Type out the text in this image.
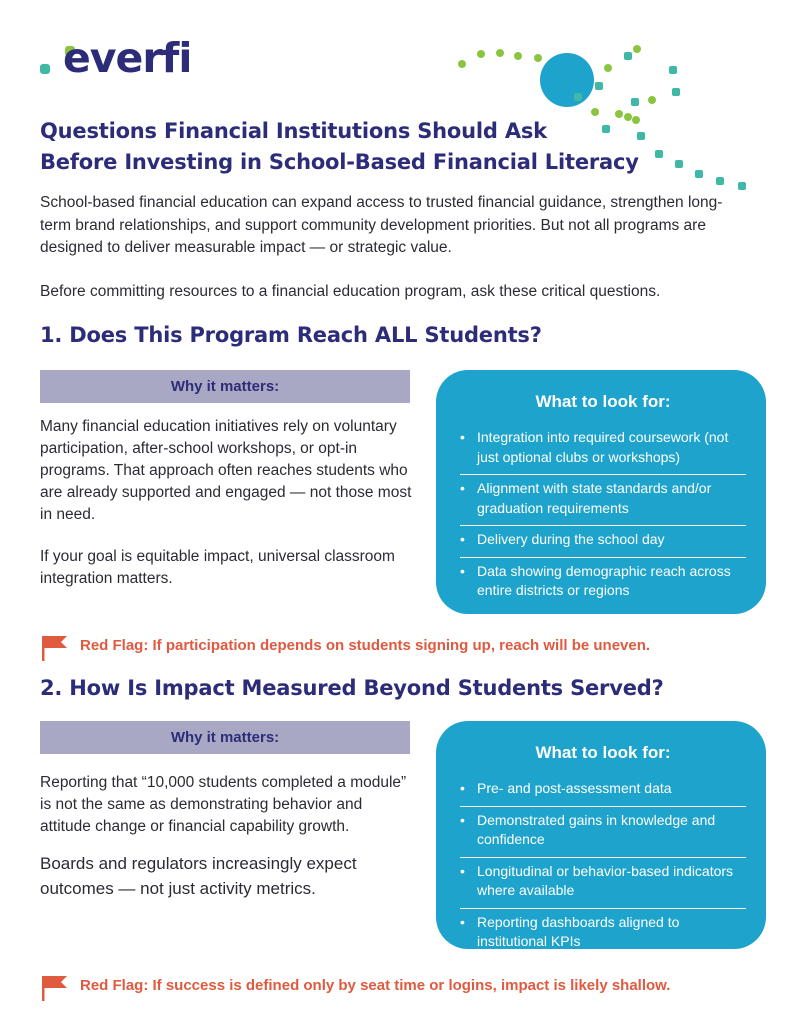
everfi
Questions Financial Institutions Should Ask
Before Investing in School-Based Financial Literacy

School-based financial education can expand access to trusted financial guidance, strengthen long-term brand relationships, and support community development priorities. But not all programs are designed to deliver measurable impact — or strategic value.

Before committing resources to a financial education program, ask these critical questions.

1. Does This Program Reach ALL Students?
Why it matters:

Many financial education initiatives rely on voluntary participation, after-school workshops, or opt-in programs. That approach often reaches students who are already supported and engaged — not those most in need.

If your goal is equitable impact, universal classroom integration matters.

What to look for:
• Integration into required coursework (not just optional clubs or workshops)
• Alignment with state standards and/or graduation requirements
• Delivery during the school day
• Data showing demographic reach across entire districts or regions
Red Flag: If participation depends on students signing up, reach will be uneven.
2. How Is Impact Measured Beyond Students Served?
Why it matters:

Reporting that “10,000 students completed a module” is not the same as demonstrating behavior and attitude change or financial capability growth.

Boards and regulators increasingly expect outcomes — not just activity metrics.

What to look for:
• Pre- and post-assessment data
• Demonstrated gains in knowledge and confidence
• Longitudinal or behavior-based indicators where available
• Reporting dashboards aligned to institutional KPIs
Red Flag: If success is defined only by seat time or logins, impact is likely shallow.
